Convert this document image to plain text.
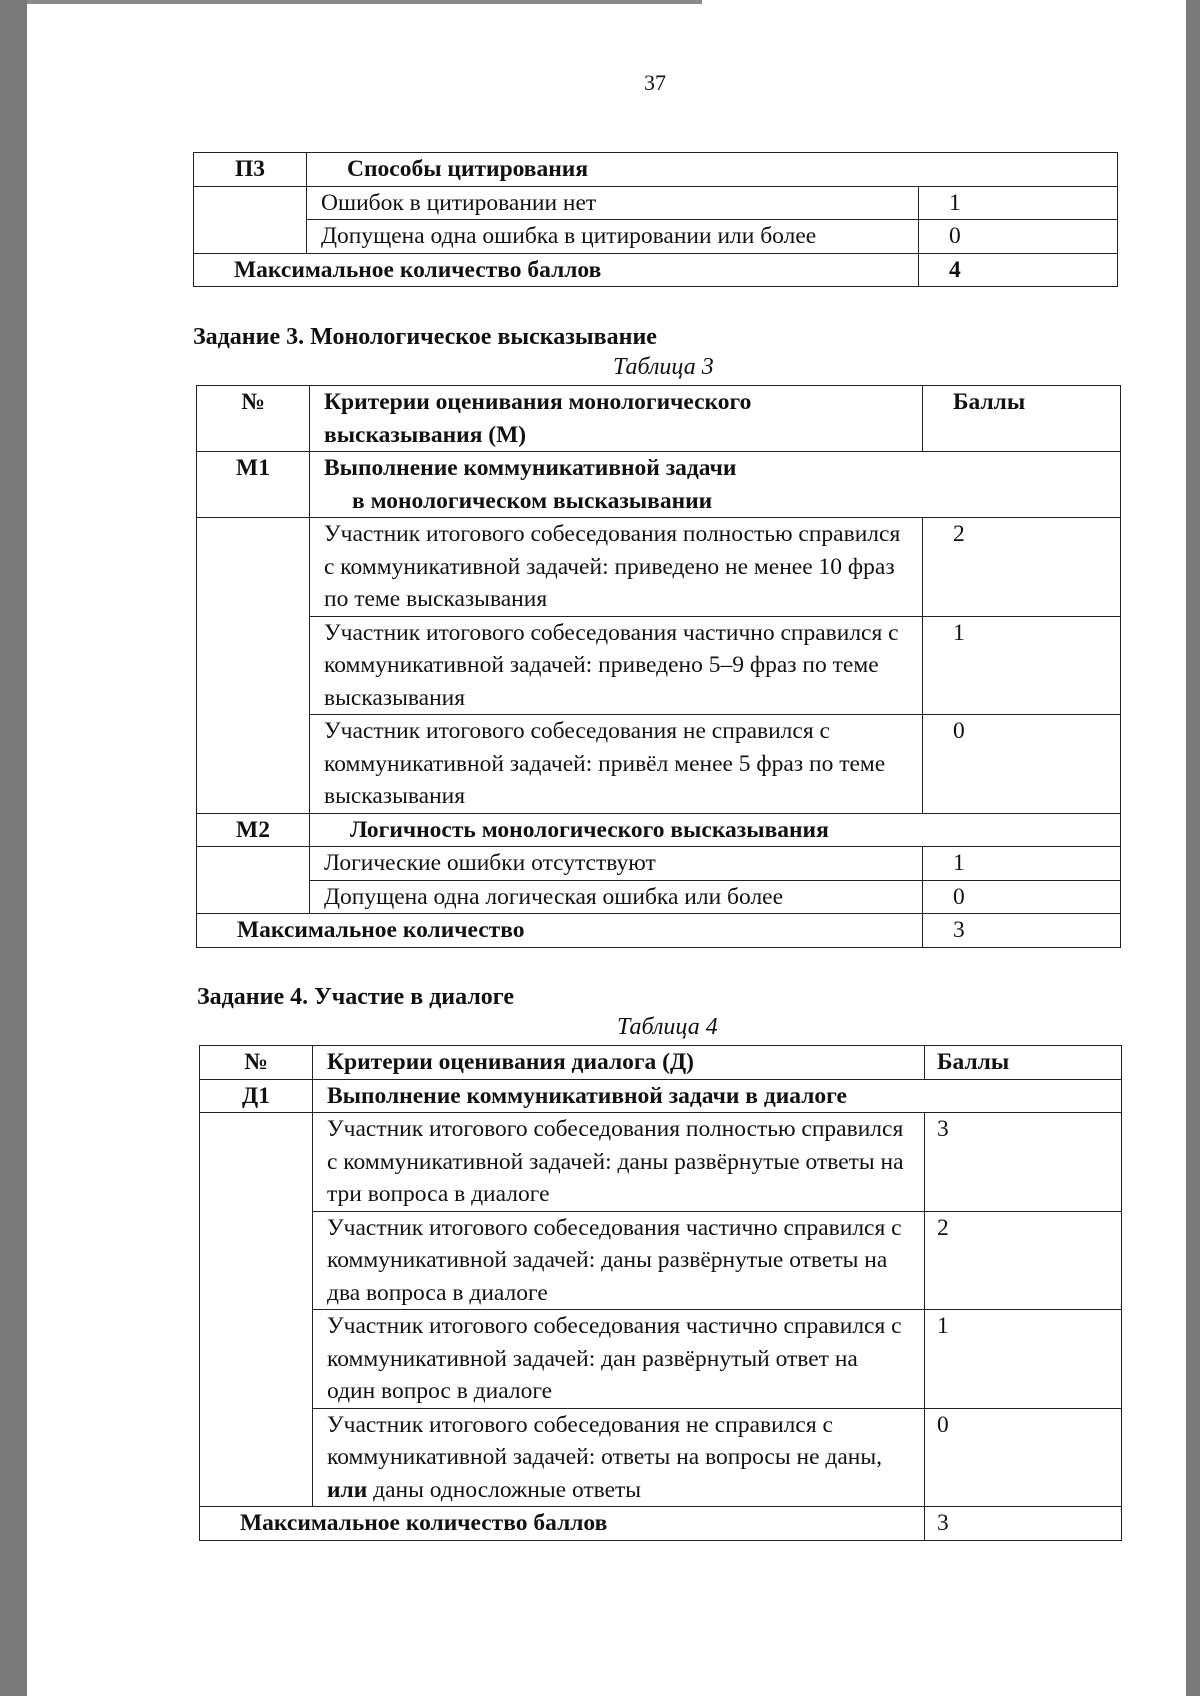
37
П3	Способы цитирования	
	Ошибок в цитировании нет	1
	Допущена одна ошибка в цитировании или более	0
Максимальное количество баллов		4
Задание 3. Монологическое высказывание
Таблица 3
№	Критерии оценивания монологического высказывания (М)	Баллы
М1	Выполнение коммуникативной задачи
в монологическом высказывании	

	Участник итогового собеседования полностью справился с коммуникативной задачей: приведено не менее 10 фраз по теме высказывания	2
	Участник итогового собеседования частично справился с коммуникативной задачей: приведено 5–9 фраз по теме высказывания	1
	Участник итогового собеседования не справился с коммуникативной задачей: привёл менее 5 фраз по теме высказывания	0
М2	Логичность монологического высказывания	
	Логические ошибки отсутствуют	1
	Допущена одна логическая ошибка или более	0
Максимальное количество		3
Задание 4. Участие в диалоге
Таблица 4
№	Критерии оценивания диалога (Д)	Баллы
Д1	Выполнение коммуникативной задачи в диалоге	
	Участник итогового собеседования полностью справился с коммуникативной задачей: даны развёрнутые ответы на три вопроса в диалоге	3
	Участник итогового собеседования частично справился с коммуникативной задачей: даны развёрнутые ответы на два вопроса в диалоге	2
	Участник итогового собеседования частично справился с коммуникативной задачей: дан развёрнутый ответ на один вопрос в диалоге	1
	Участник итогового собеседования не справился с коммуникативной задачей: ответы на вопросы не даны, или даны односложные ответы	0
Максимальное количество баллов		3
